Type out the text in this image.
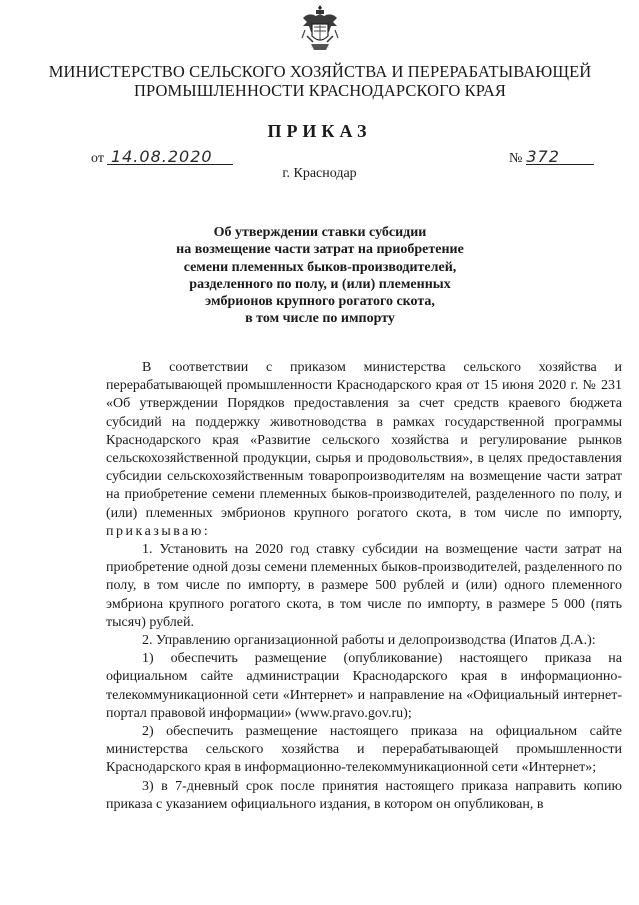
МИНИСТЕРСТВО СЕЛЬСКОГО ХОЗЯЙСТВА И ПЕРЕРАБАТЫВАЮЩЕЙ
ПРОМЫШЛЕННОСТИ КРАСНОДАРСКОГО КРАЯ
ПРИКАЗ
от 14.08.2020	№ 372
г. Краснодар
Об утверждении ставки субсидии
на возмещение части затрат на приобретение
семени племенных быков-производителей,
разделенного по полу, и (или) племенных
эмбрионов крупного рогатого скота,
в том числе по импорту

В соответствии с приказом министерства сельского хозяйства и перерабатывающей промышленности Краснодарского края от 15 июня 2020 г. № 231 «Об утверждении Порядков предоставления за счет средств краевого бюджета субсидий на поддержку животноводства в рамках государственной программы Краснодарского края «Развитие сельского хозяйства и регулирование рынков сельскохозяйственной продукции, сырья и продовольствия», в целях предоставления субсидии сельскохозяйственным товаропроизводителям на возмещение части затрат на приобретение семени племенных быков-производителей, разделенного по полу, и (или) племенных эмбрионов крупного рогатого скота, в том числе по импорту, приказываю:

1. Установить на 2020 год ставку субсидии на возмещение части затрат на приобретение одной дозы семени племенных быков-производителей, разделенного по полу, в том числе по импорту, в размере 500 рублей и (или) одного племенного эмбриона крупного рогатого скота, в том числе по импорту, в размере 5 000 (пять тысяч) рублей.

2. Управлению организационной работы и делопроизводства (Ипатов Д.А.):

1) обеспечить размещение (опубликование) настоящего приказа на официальном сайте администрации Краснодарского края в информационно-телекоммуникационной сети «Интернет» и направление на «Официальный интернет-портал правовой информации» (www.pravo.gov.ru);

2) обеспечить размещение настоящего приказа на официальном сайте министерства сельского хозяйства и перерабатывающей промышленности Краснодарского края в информационно-телекоммуникационной сети «Интернет»;

3) в 7-дневный срок после принятия настоящего приказа направить копию приказа с указанием официального издания, в котором он опубликован, в
